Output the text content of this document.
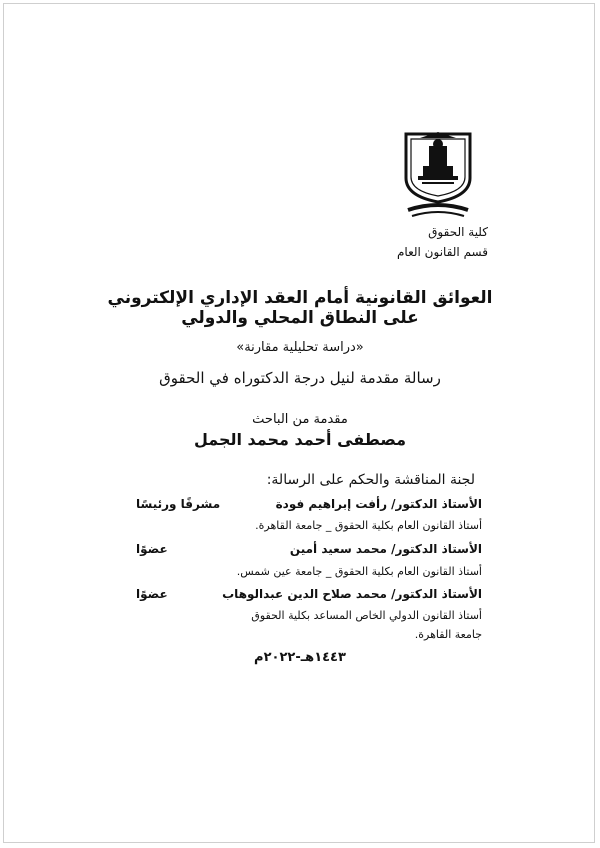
كلية الحقوق
قسم القانون العام
العوائق القانونية أمام العقد الإداري الإلكتروني
على النطاق المحلي والدولي
«دراسة تحليلية مقارنة»
رسالة مقدمة لنيل درجة الدكتوراه في الحقوق
مقدمة من الباحث
مصطفى أحمد محمد الجمل
لجنة المناقشة والحكم على الرسالة:
الأستاذ الدكتور/ رأفت إبراهيم فودة
مشرفًا ورئيسًا
أستاذ القانون العام بكلية الحقوق _ جامعة القاهرة.
الأستاذ الدكتور/ محمد سعيد أمين
عضوًا
أستاذ القانون العام بكلية الحقوق _ جامعة عين شمس.
الأستاذ الدكتور/ محمد صلاح الدين عبدالوهاب
عضوًا
أستاذ القانون الدولي الخاص المساعد بكلية الحقوق
جامعة القاهرة.
١٤٤٣هـ-٢٠٢٢م
